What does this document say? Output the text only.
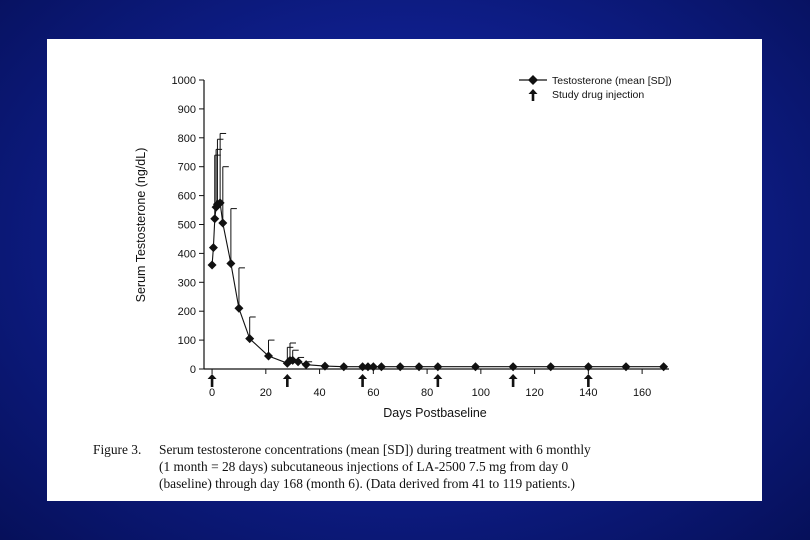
0
100
200
300
400
500
600
700
800
900
1000
0	20	40	60	80	100	120	140	160
Testosterone (mean [SD])
Study drug injection
Days Postbaseline
Serum Testosterone (ng/dL)
Figure 3. Serum testosterone concentrations (mean [SD]) during treatment with 6 monthly
(1 month = 28 days) subcutaneous injections of LA-2500 7.5 mg from day 0
(baseline) through day 168 (month 6). (Data derived from 41 to 119 patients.)
